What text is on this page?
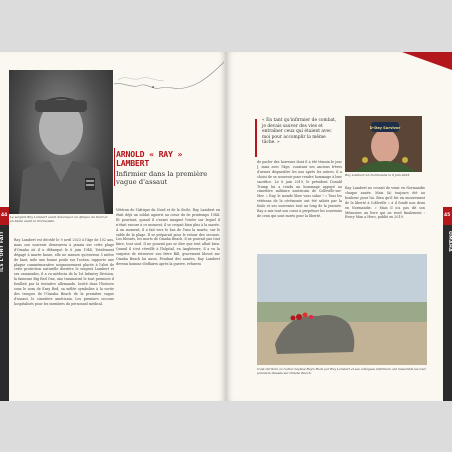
Le sergent Ray Lambert avant débarquer en Afrique du Nord et en Sicile avant la Normandie.
ARNOLD « RAY » LAMBERT
Infirmier dans la première vague d'assaut
Ray Lambert est décédé le 9 avril 2023 à l'âge de 102 ans, mais son souvenir demeurera à jamais sur cette plage d'Omaha où il a débarqué le 6 juin 1944. Totalement dégagé à marée basse, elle ne mesure qu'environ 5 mètre de haut, mile une bonne poule sur l'océan, rapporte une plaque commémorative soigneusement placée à l'abri de cette protection naturelle derrière le sergent Lambert et ses camarades, il a vu médecin de la 1st Infantry Division, la fameuse Big Red One, une traumatisé le tout premiers il fouillait par la tentative allemande. Invité dans l'histoire sous le nom de Easy Red, sa mêlée symbolise à la sortie des troupes de l'Omaha Beach de la première vague d'assaut, le cimetière américain. Les premiers secours hospitalisés pour les membres du personnel médical.
Vétéran de l'Afrique du Nord et de la Sicile, Ray Lambert en était déjà un soldat aguerri au cœur du 6e printemps 1944. Et pourtant, quand il s'avant imaginé l'enfer sur lequel il n'était encore à ce moment, il se croyait bien plus à la marée. À un moment, il a fait vers le bas de l'eau la marée, sur le sable de la plage. Il se préparait pour le retour des secours. Les blessés, les morts de Omaha Beach, il ne pouvait pas tout faire, tout seul. Il ne pouvait pas se dire que tout allait bien. Quand il s'est réveillé à l'hôpital, en Angleterre, il a vu la surprise de retrouver son frère Bill, gravement blessé sur Omaha Beach lui aussi. Pendant des années, Ray Lambert devenu homme d'affaires après la guerre, refusera
44
ILS L'ONT FAIT
« En tant qu'infirmier de combat, je devais sauver des vies et entraîner ceux qui étaient avec moi pour accomplir la même tâche. »
D-Day Survivor
Ray Lambert en Normandie le 6 juin 2023.
de parler des horreurs dont il a été témoin le jour J, mais avec l'âge, constant ses anciens frères d'armes disparaître les uns après les autres, il a choisi de se souvenir pour rendre hommage à leur sacrifice. Le 6 juin 2019, le président Donald Trump lui a rendu un hommage appuyé au cimetière militaire américain de Colleville-sur-Mer. « Ray, le monde libre vous salue ! » Tous les vétérans de la cérémonie ont été salués par la foule et ses souvenirs tout au long de la journée. Ray a mis tout son cœur à perpétuer les souvenirs de ceux qui sont morts pour la liberté.
Ray Lambert ne cessait de venir en Normandie chaque année. Mais (à) toujours été au bonheur pour lui. Bien qu'il fut un mouvement de la liberté à Colleville « à il fondé non deux en Normandie. » Mais il n'a pas dit son Mémoires au livre qui ne rend finalement : Every Man a Hero, publié en 2019.
C'est derrière ce rocher baptisé Ray's Rock par Ray Lambert et ses collègues infirmiers ont rassemblé les tout premiers blessés sur Omaha Beach.
45
OMAHA
